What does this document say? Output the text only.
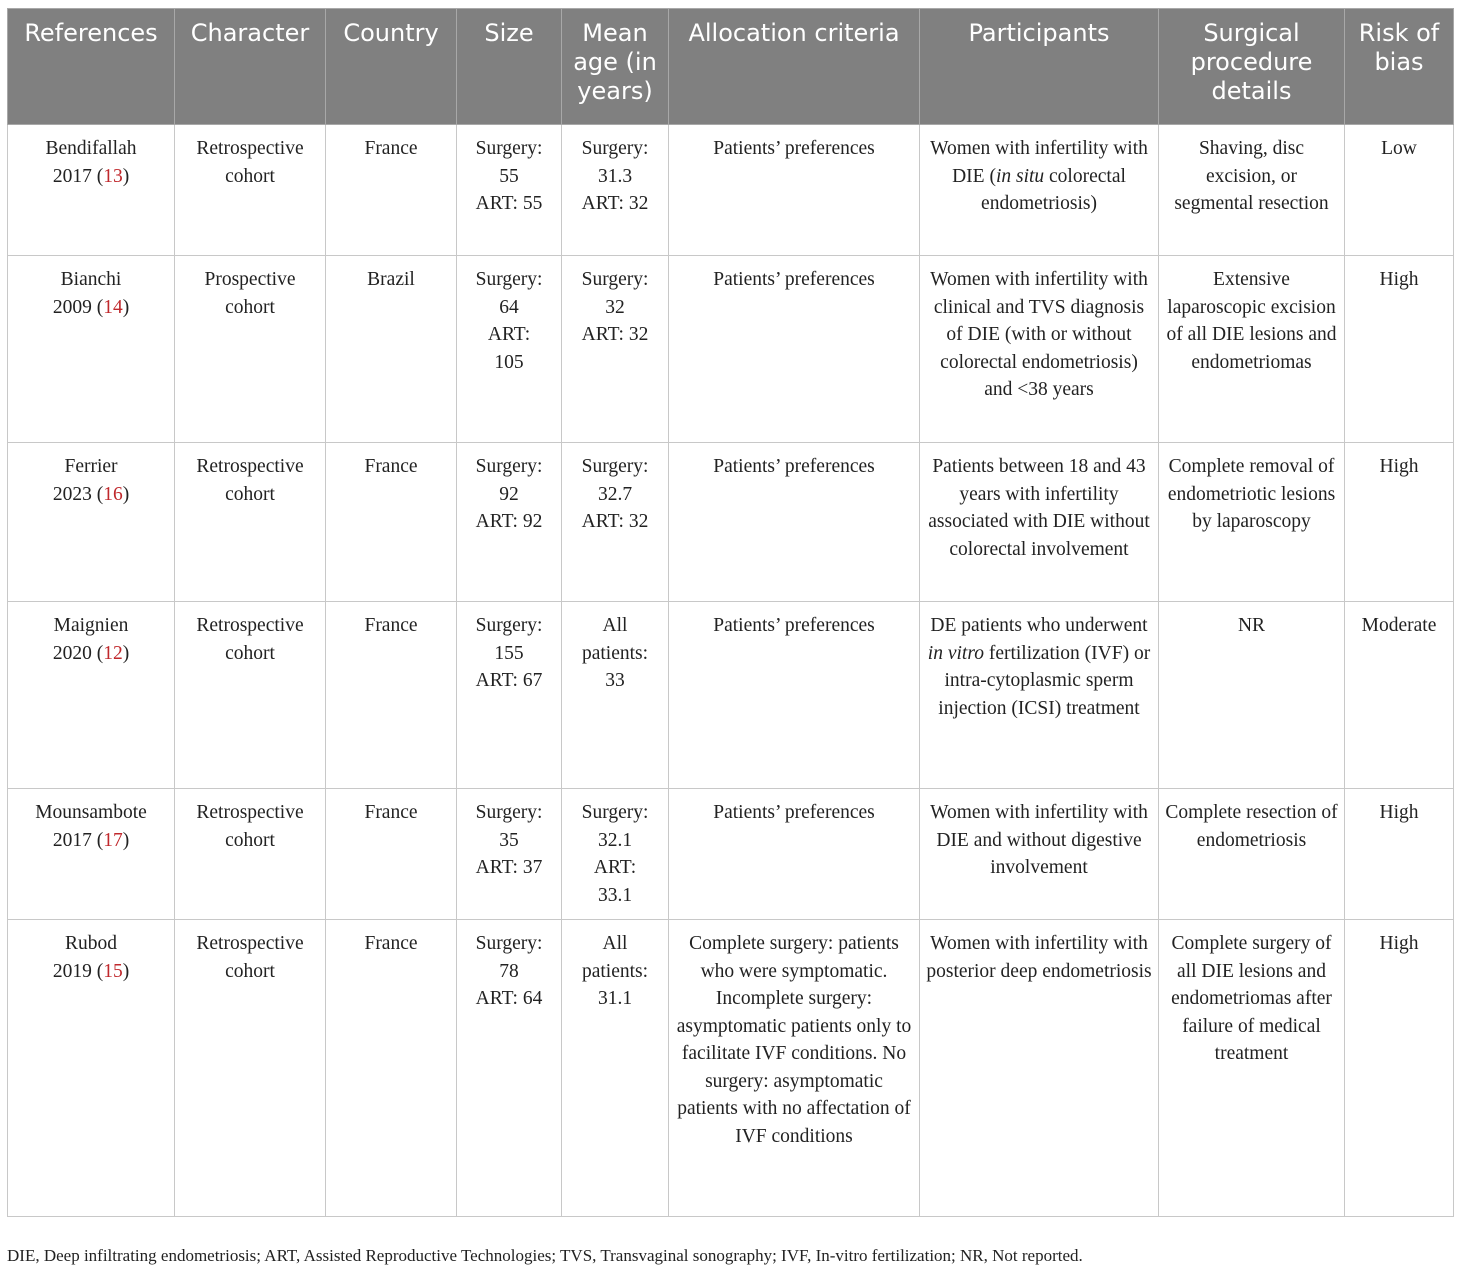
References	Character	Country	Size	Mean age (in years)	Allocation criteria	Participants	Surgical procedure details	Risk of bias

Bendifallah
2017 (13)	Retrospective cohort	France	Surgery:
55
ART: 55	Surgery:
31.3
ART: 32	Patients’ preferences	Women with infertility with DIE (in situ colorectal endometriosis)	Shaving, disc excision, or segmental resection	Low

Bianchi
2009 (14)	Prospective cohort	Brazil	Surgery:
64
ART:
105	Surgery:
32
ART: 32	Patients’ preferences	Women with infertility with clinical and TVS diagnosis of DIE (with or without colorectal endometriosis) and <38 years	Extensive laparoscopic excision of all DIE lesions and endometriomas	High

Ferrier
2023 (16)	Retrospective cohort	France	Surgery:
92
ART: 92	Surgery:
32.7
ART: 32	Patients’ preferences	Patients between 18 and 43 years with infertility associated with DIE without colorectal involvement	Complete removal of endometriotic lesions by laparoscopy	High

Maignien
2020 (12)	Retrospective cohort	France	Surgery:
155
ART: 67	All
patients:
33	Patients’ preferences	DE patients who underwent in vitro fertilization (IVF) or intra-cytoplasmic sperm injection (ICSI) treatment	NR	Moderate

Mounsambote
2017 (17)	Retrospective cohort	France	Surgery:
35
ART: 37	Surgery:
32.1
ART:
33.1	Patients’ preferences	Women with infertility with DIE and without digestive involvement	Complete resection of endometriosis	High

Rubod
2019 (15)	Retrospective cohort	France	Surgery:
78
ART: 64	All
patients:
31.1	Complete surgery: patients who were symptomatic. Incomplete surgery: asymptomatic patients only to facilitate IVF conditions. No surgery: asymptomatic patients with no affectation of IVF conditions	Women with infertility with posterior deep endometriosis	Complete surgery of all DIE lesions and endometriomas after failure of medical treatment	High
DIE, Deep infiltrating endometriosis; ART, Assisted Reproductive Technologies; TVS, Transvaginal sonography; IVF, In-vitro fertilization; NR, Not reported.
